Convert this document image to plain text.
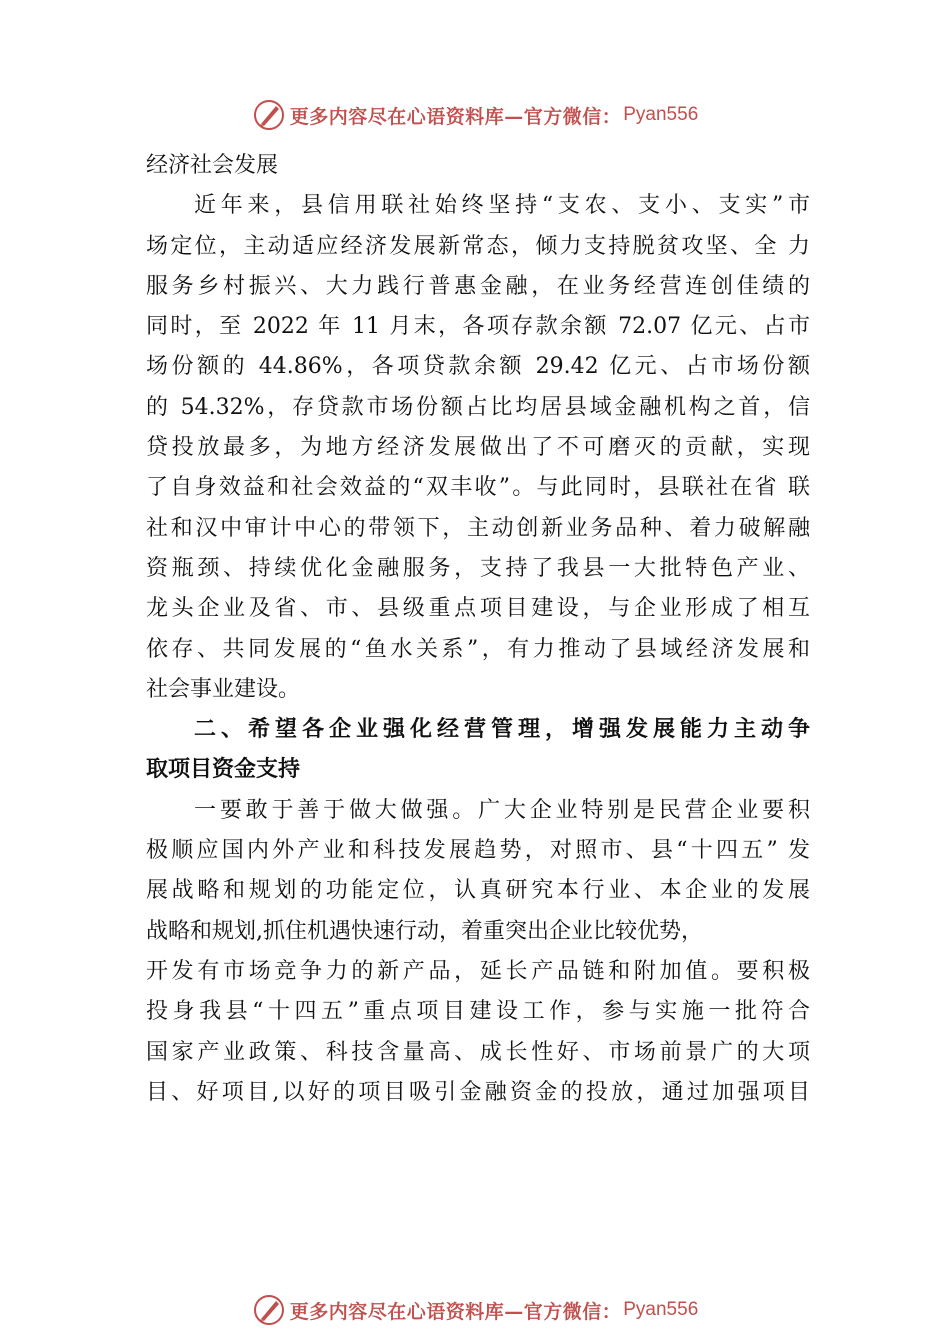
更多内容尽在心语资料库—官方微信： Pyan556
经济社会发展
近年来，县信用联社始终坚持“支农、支小、支实”市
场定位，主动适应经济发展新常态，倾力支持脱贫攻坚、全 力
服务乡村振兴、大力践行普惠金融，在业务经营连创佳绩的
同时，至 2022 年 11 月末，各项存款余额 72.07 亿元、占市
场份额的 44.86%，各项贷款余额 29.42 亿元、占市场份额
的 54.32%，存贷款市场份额占比均居县域金融机构之首，信
贷投放最多，为地方经济发展做出了不可磨灭的贡献，实现
了自身效益和社会效益的“双丰收”。与此同时，县联社在省 联
社和汉中审计中心的带领下，主动创新业务品种、着力破解融
资瓶颈、持续优化金融服务，支持了我县一大批特色产业、
龙头企业及省、市、县级重点项目建设，与企业形成了相互
依存、共同发展的“鱼水关系”，有力推动了县域经济发展和
社会事业建设。
二、希望各企业强化经营管理，增强发展能力主动争
取项目资金支持
一要敢于善于做大做强。广大企业特别是民营企业要积
极顺应国内外产业和科技发展趋势，对照市、县“十四五” 发
展战略和规划的功能定位，认真研究本行业、本企业的发展
战略和规划,抓住机遇快速行动，着重突出企业比较优势，
开发有市场竞争力的新产品，延长产品链和附加值。要积极
投身我县“十四五”重点项目建设工作，参与实施一批符合
国家产业政策、科技含量高、成长性好、市场前景广的大项
目、好项目,以好的项目吸引金融资金的投放，通过加强项目
更多内容尽在心语资料库—官方微信： Pyan556
